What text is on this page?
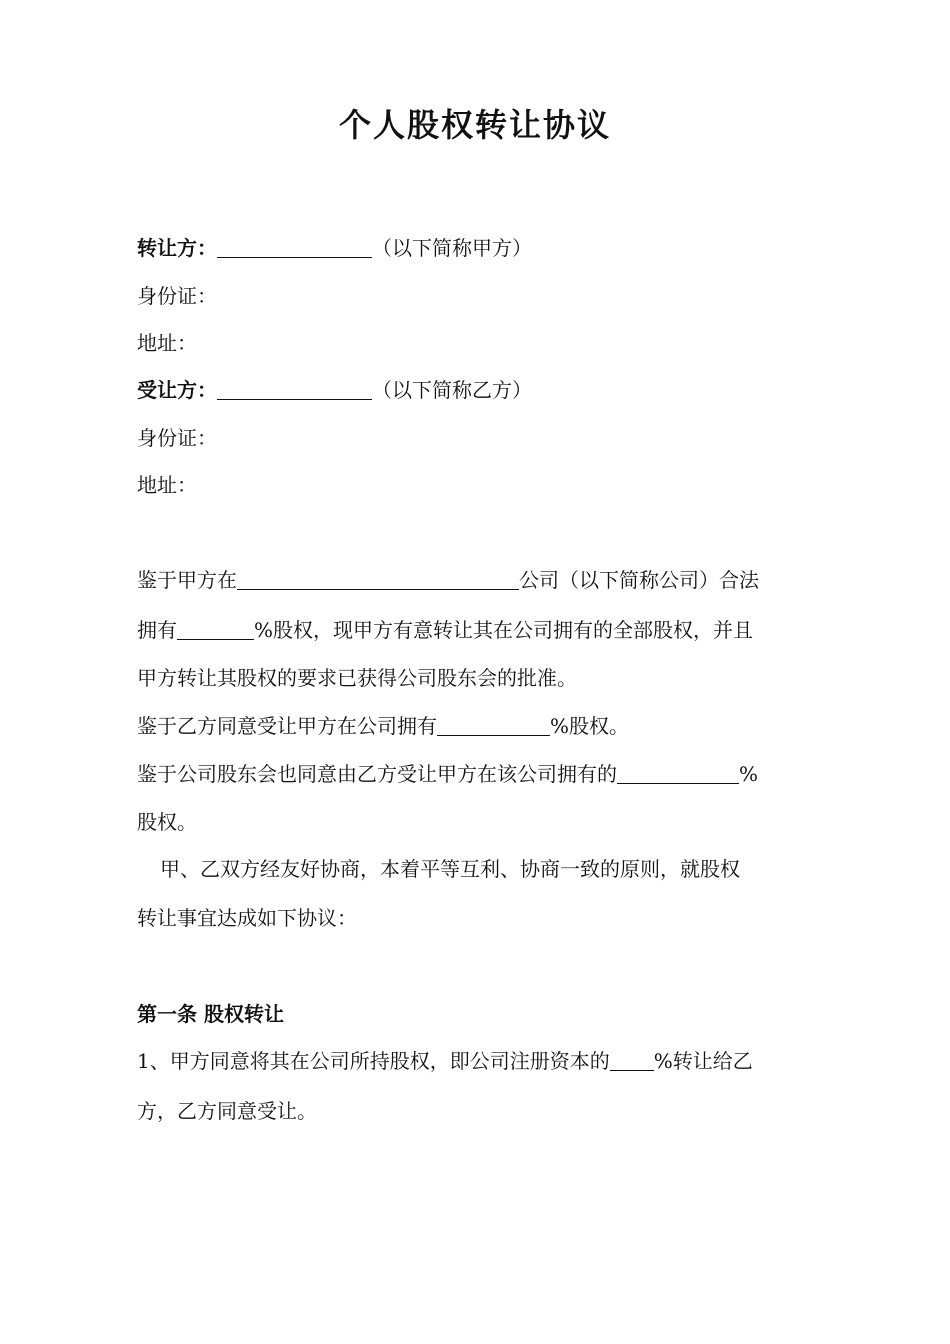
个人股权转让协议
转让方：	（以下简称甲方）
身份证：
地址：
受让方：	（以下简称乙方）
身份证：
地址：
鉴于甲方在	公司（以下简称公司）合法
拥有	%股权，现甲方有意转让其在公司拥有的全部股权，并且
甲方转让其股权的要求已获得公司股东会的批准。
鉴于乙方同意受让甲方在公司拥有	%股权。
鉴于公司股东会也同意由乙方受让甲方在该公司拥有的	%
股权。
甲、乙双方经友好协商，本着平等互利、协商一致的原则，就股权
转让事宜达成如下协议：
第一条 股权转让
1、甲方同意将其在公司所持股权，即公司注册资本的 %转让给乙
方，乙方同意受让。
